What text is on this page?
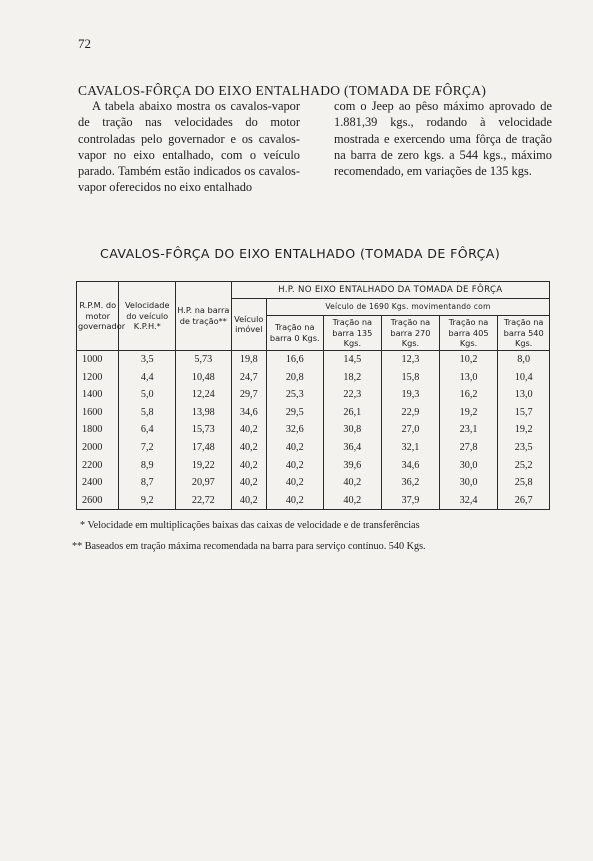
72
CAVALOS-FÔRÇA DO EIXO ENTALHADO (TOMADA DE FÔRÇA)

A tabela abaixo mostra os cavalos-vapor de tração nas velocidades do motor controladas pelo governador e os cavalos-vapor no eixo entalhado, com o veículo parado. Também estão indicados os cavalos-vapor oferecidos no eixo entalhado

com o Jeep ao pêso máximo aprovado de 1.881,39 kgs., rodando à velocidade mostrada e exercendo uma fôrça de tração na barra de zero kgs. a 544 kgs., máximo recomendado, em variações de 135 kgs.

CAVALOS-FÔRÇA DO EIXO ENTALHADO (TOMADA DE FÔRÇA)
R.P.M. do motor governador	Velocidade do veículo K.P.H.*	H.P. na barra de tração**	H.P. NO EIXO ENTALHADO DA TOMADA DE FÔRÇA					
			Veículo imóvel	Veículo de 1690 Kgs. movimentando com				
				Tração na barra 0 Kgs.	Tração na barra 135 Kgs.	Tração na barra 270 Kgs.	Tração na barra 405 Kgs.	Tração na barra 540 Kgs.
1000	3,5	5,73	19,8	16,6	14,5	12,3	10,2	8,0
1200	4,4	10,48	24,7	20,8	18,2	15,8	13,0	10,4
1400	5,0	12,24	29,7	25,3	22,3	19,3	16,2	13,0
1600	5,8	13,98	34,6	29,5	26,1	22,9	19,2	15,7
1800	6,4	15,73	40,2	32,6	30,8	27,0	23,1	19,2
2000	7,2	17,48	40,2	40,2	36,4	32,1	27,8	23,5
2200	8,9	19,22	40,2	40,2	39,6	34,6	30,0	25,2
2400	8,7	20,97	40,2	40,2	40,2	36,2	30,0	25,8
2600	9,2	22,72	40,2	40,2	40,2	37,9	32,4	26,7
* Velocidade em multiplicações baixas das caixas de velocidade e de transferências
** Baseados em tração máxima recomendada na barra para serviço contínuo. 540 Kgs.
